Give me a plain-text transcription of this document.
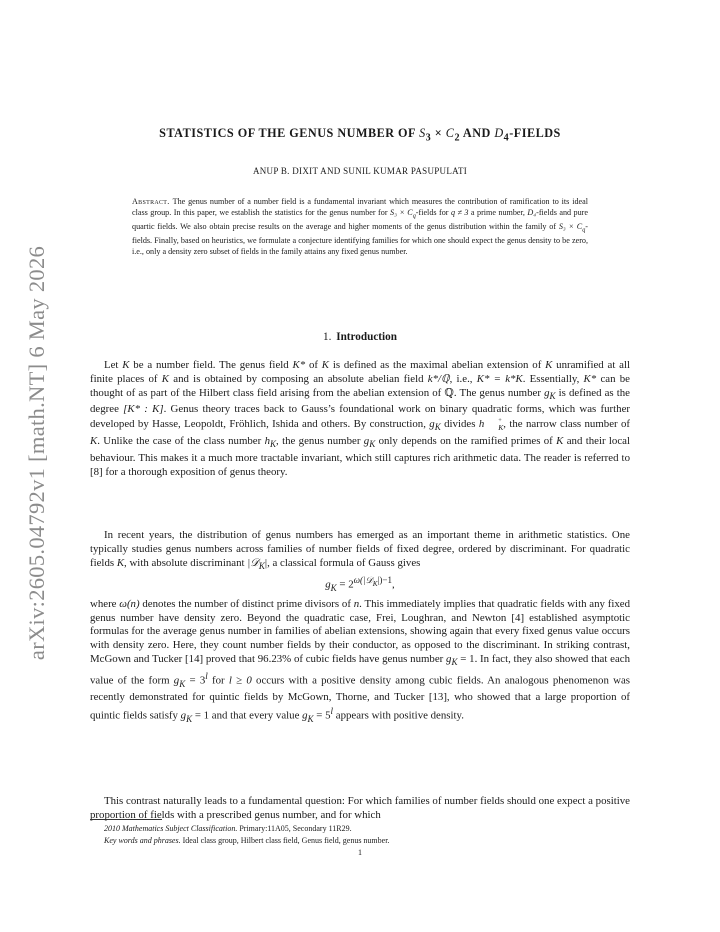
arXiv:2605.04792v1 [math.NT] 6 May 2026
STATISTICS OF THE GENUS NUMBER OF $S_3 \times C_2$ AND $D_4$-FIELDS
ANUP B. DIXIT AND SUNIL KUMAR PASUPULATI
Abstract. The genus number of a number field is a fundamental invariant which measures the contribution of ramification to its ideal class group. In this paper, we establish the statistics for the genus number for $S_3 \times C_q$-fields for q ≠ 3 a prime number, D₄-fields and pure quartic fields. We also obtain precise results on the average and higher moments of the genus distribution within the family of $S_3 \times C_q$-fields. Finally, based on heuristics, we formulate a conjecture identifying families for which one should expect the genus density to be zero, i.e., only a density zero subset of fields in the family attains any fixed genus number.
1. Introduction

Let K be a number field. The genus field K* of K is defined as the maximal abelian extension of K unramified at all finite places of K and is obtained by composing an absolute abelian field k*/ℚ, i.e., K* = k*K. Essentially, K* can be thought of as part of the Hilbert class field arising from the abelian extension of ℚ. The genus number $g_K$ is defined as the degree [K* : K]. Genus theory traces back to Gauss’s foundational work on binary quadratic forms, which was further developed by Hasse, Leopoldt, Fröhlich, Ishida and others. By construction, $g_K$ divides h	+
K , the narrow class number of K. Unlike the case of the class number $h_K$, the genus number $g_K$ only depends on the ramified primes of K and their local behaviour. This makes it a much more tractable invariant, which still captures rich arithmetic data. The reader is referred to [8] for a thorough exposition of genus theory.

In recent years, the distribution of genus numbers has emerged as an important theme in arithmetic statistics. One typically studies genus numbers across families of number fields of fixed degree, ordered by discriminant. For quadratic fields K, with absolute discriminant |𝒟$_K$|, a classical formula of Gauss gives

$g_K = 2^{\omega(|𝒟_K|)-1}$,

where ω(n) denotes the number of distinct prime divisors of n. This immediately implies that quadratic fields with any fixed genus number have density zero. Beyond the quadratic case, Frei, Loughran, and Newton [4] established asymptotic formulas for the average genus number in families of abelian extensions, showing again that every fixed genus value occurs with density zero. Here, they count number fields by their conductor, as opposed to the discriminant. In striking contrast, McGown and Tucker [14] proved that 96.23% of cubic fields have genus number $g_K = 1$. In fact, they also showed that each value of the form $g_K = 3^l$ for l ≥ 0 occurs with a positive density among cubic fields. An analogous phenomenon was recently demonstrated for quintic fields by McGown, Thorne, and Tucker [13], who showed that a large proportion of quintic fields satisfy $g_K = 1$ and that every value $g_K = 5^l$ appears with positive density.

This contrast naturally leads to a fundamental question: For which families of number fields should one expect a positive proportion of fields with a prescribed genus number, and for which

2010 Mathematics Subject Classification. Primary:11A05, Secondary 11R29.
Key words and phrases. Ideal class group, Hilbert class field, Genus field, genus number.
1
